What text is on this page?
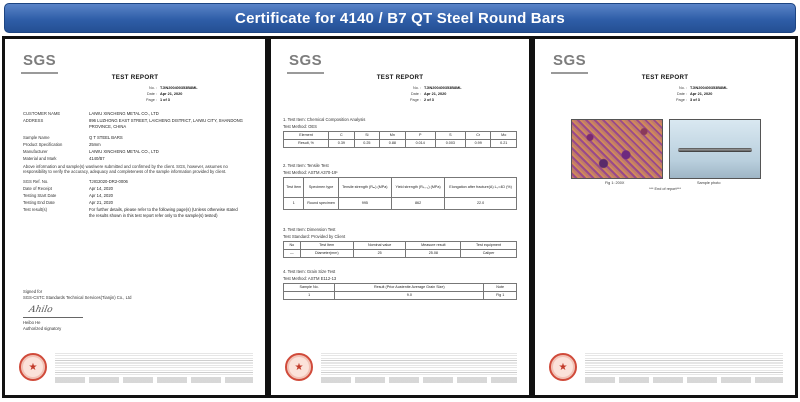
Certificate for 4140 / B7 QT Steel Round Bars
SGS
TEST REPORT
No. : TJIN200400353B8ML
Date : Apr 21, 2020
Page : 1 of 3
CUSTOMER NAME	LAIWU XINCHENG METAL CO., LTD
ADDRESS	896 LUZHONG EAST STREET, LAICHENG DISTRICT, LAIWU CITY, SHANDONG PROVINCE, CHINA
Sample Name	Q T STEEL BARS
Product Specification	25mm
Manufacturer	LAIWU XINCHENG METAL CO., LTD
Material and Mark	4140/B7
Above information and sample(s) was/were submitted and confirmed by the client. SGS, however, assumes no responsibility to verify the accuracy, adequacy and completeness of the sample information provided by client.
SGS Ref. No.	TJIG2020-DR2-0006
Date of Receipt	Apr 14, 2020
Testing Start Date	Apr 14, 2020
Testing End Date	Apr 21, 2020
Test result(s)	For further details, please refer to the following page(s) (Unless otherwise stated the results shown in this test report refer only to the sample(s) tested)
Signed for
SGS-CSTC Standards Technical Services(Tianjin) Co., Ltd
Ahilo
Heibo He
Authorized signatory
★
SGS
TEST REPORT
No. : TJIN200400353B8ML
Date : Apr 21, 2020
Page : 2 of 3
1. Test Item: Chemical Composition Analysis
Test Method: OES
Element	C	Si	Mn	P	S	Cr	Mo
Result, %	0.39	0.25	0.88	0.014	0.003	0.99	0.21
2. Test Item: Tensile Test
Test Method: ASTM A370-19¹
Test Item	Specimen type	Tensile strength (Rₘ) (MPa)	Yield strength (Rₚ₀.₂) (MPa)	Elongation after fracture(A) L₀=4D (%)
1	Round specimen	995	862	22.0
3. Test Item: Dimension Test
Test Standard: Provided by Client
No	Test Item	Nominal value	Measure result	Test equipment
—	Diameter(mm)	25	25.08	Caliper
4. Test Item: Grain Size Test
Test Method: ASTM E112-13
Sample No.	Result (Prior Austenite Average Grain Size)	Note
1	9.0	Fig 1
★
SGS
TEST REPORT
No. : TJIN200400353B8ML
Date : Apr 21, 2020
Page : 3 of 3
Fig 1: 200X	Sample photo
*** End of report***
★
